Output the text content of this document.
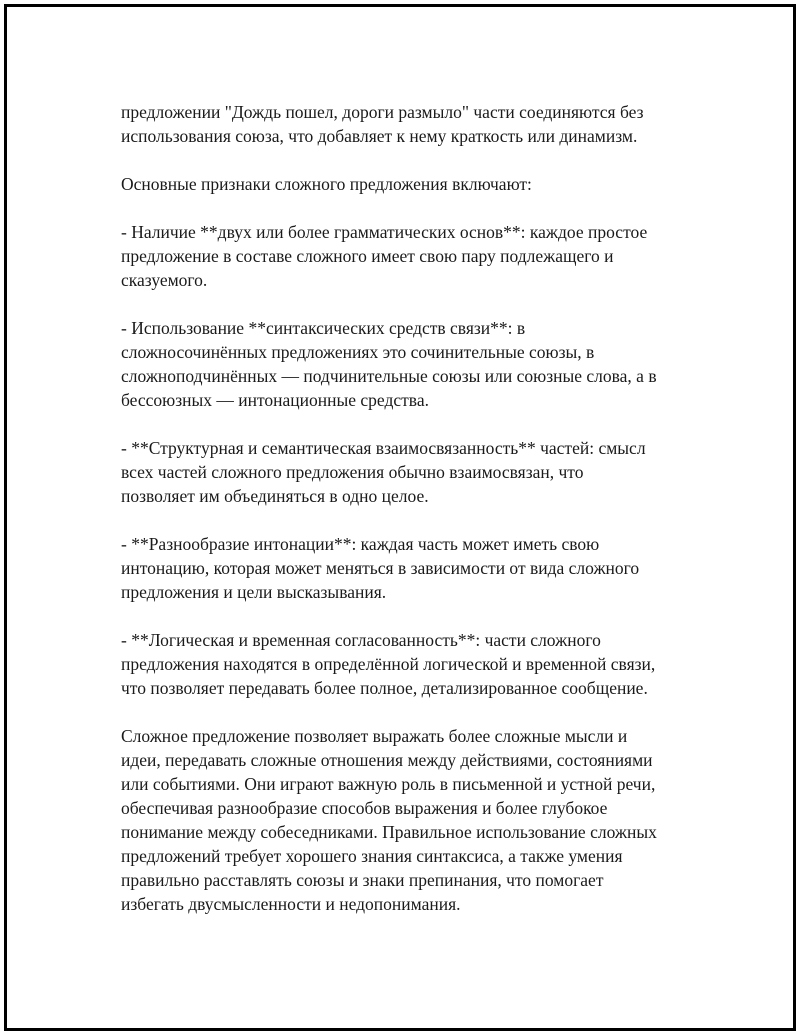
предложении "Дождь пошел, дороги размыло" части соединяются без
использования союза, что добавляет к нему краткость или динамизм.

Основные признаки сложного предложения включают:

- Наличие **двух или более грамматических основ**: каждое простое
предложение в составе сложного имеет свою пару подлежащего и
сказуемого.

- Использование **синтаксических средств связи**: в
сложносочинённых предложениях это сочинительные союзы, в
сложноподчинённых — подчинительные союзы или союзные слова, а в
бессоюзных — интонационные средства.

- **Структурная и семантическая взаимосвязанность** частей: смысл
всех частей сложного предложения обычно взаимосвязан, что
позволяет им объединяться в одно целое.

- **Разнообразие интонации**: каждая часть может иметь свою
интонацию, которая может меняться в зависимости от вида сложного
предложения и цели высказывания.

- **Логическая и временная согласованность**: части сложного
предложения находятся в определённой логической и временной связи,
что позволяет передавать более полное, детализированное сообщение.

Сложное предложение позволяет выражать более сложные мысли и
идеи, передавать сложные отношения между действиями, состояниями
или событиями. Они играют важную роль в письменной и устной речи,
обеспечивая разнообразие способов выражения и более глубокое
понимание между собеседниками. Правильное использование сложных
предложений требует хорошего знания синтаксиса, а также умения
правильно расставлять союзы и знаки препинания, что помогает
избегать двусмысленности и недопонимания.
